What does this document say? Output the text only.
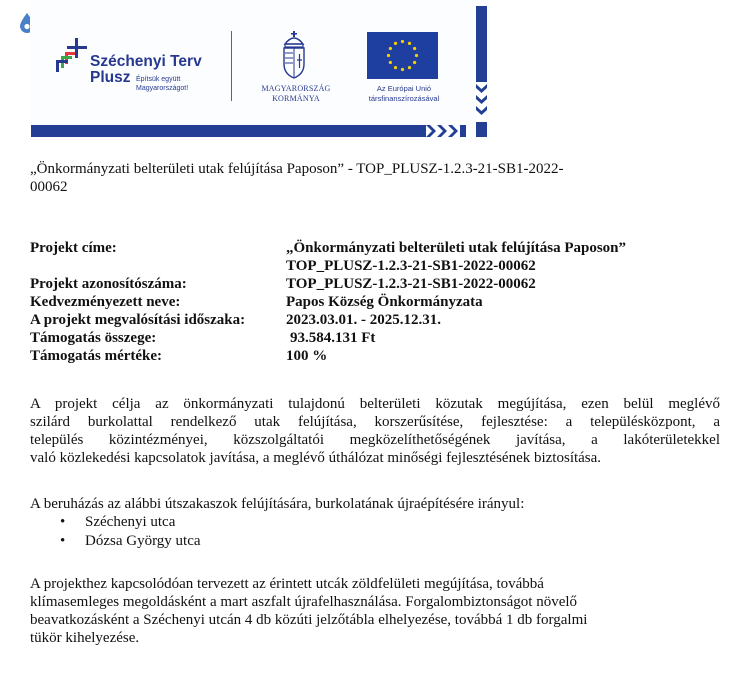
Széchenyi Terv
Plusz Építsük együtt Magyarországot!	MAGYARORSZÁG
KORMÁNYA
Az Európai Unió
társfinanszírozásával
„Önkormányzati belterületi utak felújítása Paposon” - TOP_PLUSZ-1.2.3-21-SB1-2022-
00062
Projekt címe:	„Önkormányzati belterületi utak felújítása Paposon”
TOP_PLUSZ-1.2.3-21-SB1-2022-00062
Projekt azonosítószáma:	TOP_PLUSZ-1.2.3-21-SB1-2022-00062
Kedvezményezett neve:	Papos Község Önkormányzata
A projekt megvalósítási időszaka:	2023.03.01. - 2025.12.31.
Támogatás összege:	93.584.131 Ft
Támogatás mértéke:	100 %
A projekt célja az önkormányzati tulajdonú belterületi közutak megújítása, ezen belül meglévő
szilárd burkolattal rendelkező utak felújítása, korszerűsítése, fejlesztése: a településközpont, a
település közintézményei, közszolgáltatói megközelíthetőségének javítása, a lakóterületekkel
való közlekedési kapcsolatok javítása, a meglévő úthálózat minőségi fejlesztésének biztosítása.
A beruházás az alábbi útszakaszok felújítására, burkolatának újraépítésére irányul:
• Széchenyi utca
• Dózsa György utca
A projekthez kapcsolódóan tervezett az érintett utcák zöldfelületi megújítása, továbbá
klímasemleges megoldásként a mart aszfalt újrafelhasználása. Forgalombiztonságot növelő
beavatkozásként a Széchenyi utcán 4 db közúti jelzőtábla elhelyezése, továbbá 1 db forgalmi
tükör kihelyezése.
